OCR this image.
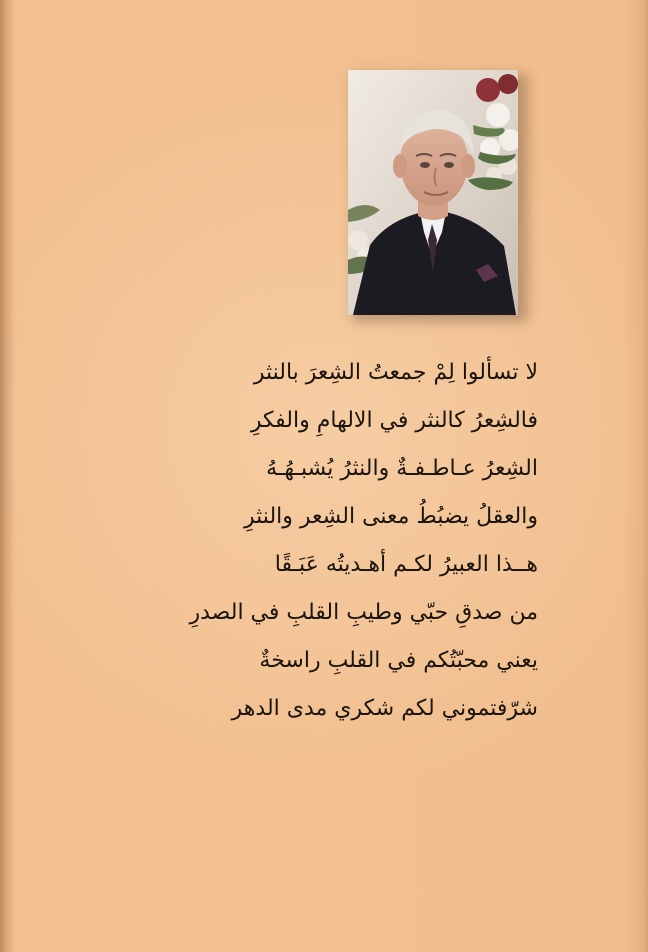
لا تسألوا لِمْ جمعتُ الشِعرَ بالنثر
فالشِعرُ كالنثر في الالهامِ والفكرِ
الشِعرُ عـاطـفـةٌ والنثرُ يُشبـهُـهُ
والعقلُ يضبُطُ معنى الشِعر والنثرِ
هــذا العبيرُ لكـم أهـديتُه عَبَـقًا
من صدقِ حبّي وطيبِ القلبِ في الصدرِ
يعني محبّتُكم في القلبِ راسخةٌ
شرّفتموني لكم شكري مدى الدهر
